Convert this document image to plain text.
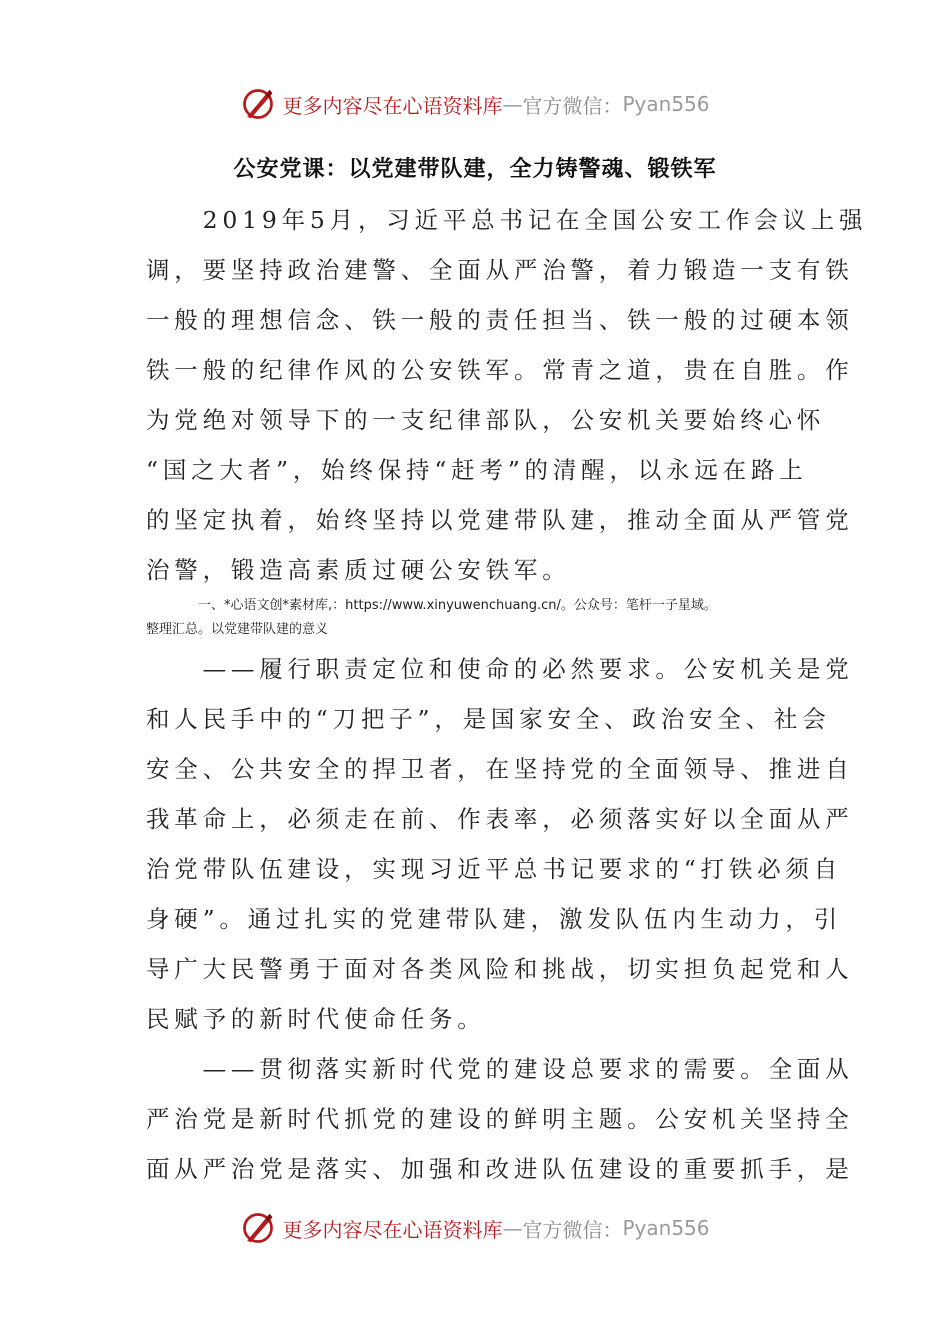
更多内容尽在心语资料库 — 官方微信： Pyan556
公安党课：以党建带队建，全力铸警魂、锻铁军
　　2019年5月，习近平总书记在全国公安工作会议上强
调，要坚持政治建警、全面从严治警，着力锻造一支有铁
一般的理想信念、铁一般的责任担当、铁一般的过硬本领
铁一般的纪律作风的公安铁军。常青之道，贵在自胜。作
为党绝对领导下的一支纪律部队，公安机关要始终心怀
“国之大者”，始终保持“赶考”的清醒，以永远在路上
的坚定执着，始终坚持以党建带队建，推动全面从严管党
治警，锻造高素质过硬公安铁军。
　　　　一、*心语文创*素材库,：https://www.xinyuwenchuang.cn/。公众号：笔杆一子星域。
整理汇总。以党建带队建的意义
　　——履行职责定位和使命的必然要求。公安机关是党
和人民手中的“刀把子”，是国家安全、政治安全、社会
安全、公共安全的捍卫者，在坚持党的全面领导、推进自
我革命上，必须走在前、作表率，必须落实好以全面从严
治党带队伍建设，实现习近平总书记要求的“打铁必须自
身硬”。通过扎实的党建带队建，激发队伍内生动力，引
导广大民警勇于面对各类风险和挑战，切实担负起党和人
民赋予的新时代使命任务。
　　——贯彻落实新时代党的建设总要求的需要。全面从
严治党是新时代抓党的建设的鲜明主题。公安机关坚持全
面从严治党是落实、加强和改进队伍建设的重要抓手，是
更多内容尽在心语资料库 — 官方微信： Pyan556
